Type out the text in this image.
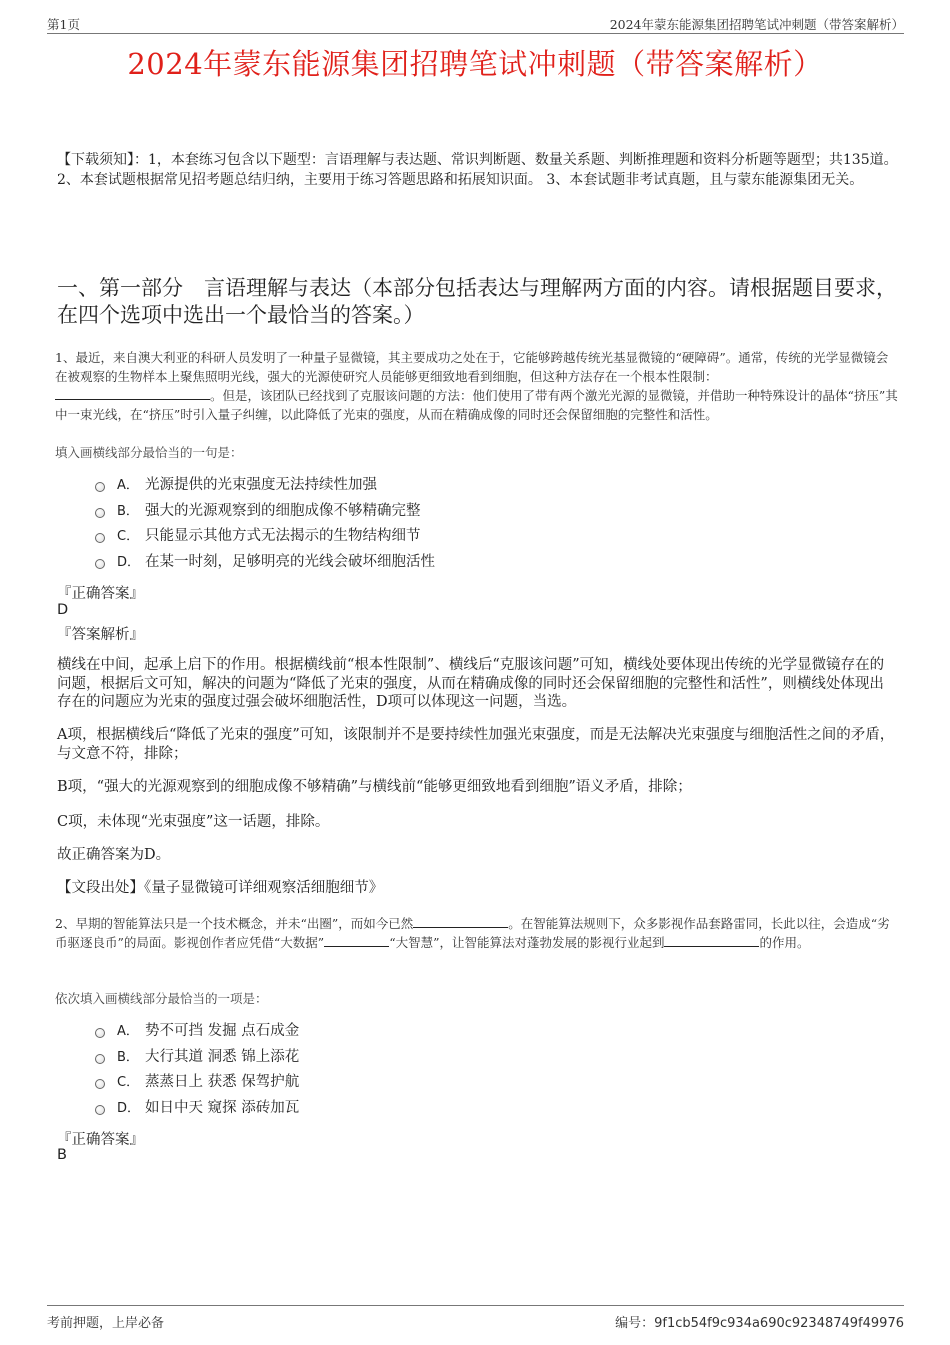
第1页	2024年蒙东能源集团招聘笔试冲刺题（带答案解析）
2024年蒙东能源集团招聘笔试冲刺题（带答案解析）
【下载须知】：1，本套练习包含以下题型：言语理解与表达题、常识判断题、数量关系题、判断推理题和资料分析题等题型；共135道。 2、本套试题根据常见招考题总结归纳，主要用于练习答题思路和拓展知识面。 3、本套试题非考试真题，且与蒙东能源集团无关。
一、第一部分　言语理解与表达（本部分包括表达与理解两方面的内容。请根据题目要求，在四个选项中选出一个最恰当的答案。）
1、最近，来自澳大利亚的科研人员发明了一种量子显微镜，其主要成功之处在于，它能够跨越传统光基显微镜的“硬障碍”。通常，传统的光学显微镜会在被观察的生物样本上聚焦照明光线，强大的光源使研究人员能够更细致地看到细胞，但这种方法存在一个根本性限制：
。但是，该团队已经找到了克服该问题的方法：他们使用了带有两个激光光源的显微镜，并借助一种特殊设计的晶体“挤压”其中一束光线，在“挤压”时引入量子纠缠，以此降低了光束的强度，从而在精确成像的同时还会保留细胞的完整性和活性。
填入画横线部分最恰当的一句是：
A． 光源提供的光束强度无法持续性加强
B． 强大的光源观察到的细胞成像不够精确完整
C． 只能显示其他方式无法揭示的生物结构细节
D． 在某一时刻，足够明亮的光线会破坏细胞活性
『正确答案』
D
『答案解析』
横线在中间，起承上启下的作用。根据横线前“根本性限制”、横线后“克服该问题”可知，横线处要体现出传统的光学显微镜存在的问题，根据后文可知，解决的问题为“降低了光束的强度，从而在精确成像的同时还会保留细胞的完整性和活性”，则横线处体现出存在的问题应为光束的强度过强会破坏细胞活性，D项可以体现这一问题，当选。
A项，根据横线后“降低了光束的强度”可知，该限制并不是要持续性加强光束强度，而是无法解决光束强度与细胞活性之间的矛盾，与文意不符，排除；
B项，“强大的光源观察到的细胞成像不够精确”与横线前“能够更细致地看到细胞”语义矛盾，排除；
C项，未体现“光束强度”这一话题，排除。
故正确答案为D。
【文段出处】《量子显微镜可详细观察活细胞细节》
2、早期的智能算法只是一个技术概念，并未“出圈”，而如今已然	。在智能算法规则下，众多影视作品套路雷同，长此以往，会造成“劣币驱逐良币”的局面。影视创作者应凭借“大数据”	“大智慧”，让智能算法对蓬勃发展的影视行业起到	的作用。
依次填入画横线部分最恰当的一项是：
A． 势不可挡 发掘 点石成金
B． 大行其道 洞悉 锦上添花
C． 蒸蒸日上 获悉 保驾护航
D． 如日中天 窥探 添砖加瓦
『正确答案』
B
考前押题，上岸必备	编号：9f1cb54f9c934a690c92348749f49976
